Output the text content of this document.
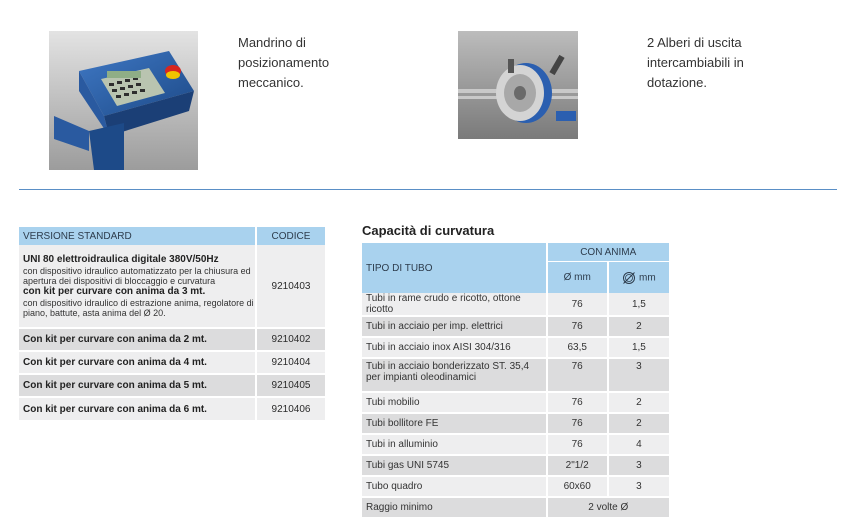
Mandrino di posizionamento meccanico.
2 Alberi di uscita intercambiabili in dotazione.
VERSIONE STANDARD	CODICE

UNI 80 elettroidraulica digitale 380V/50Hz
con dispositivo idraulico automatizzato per la chiusura ed apertura dei dispositivi di bloccaggio e curvatura
con kit per curvare con anima da 3 mt.
con dispositivo idraulico di estrazione anima, regolatore di piano, battute, asta anima del Ø 20.	9210403
Con kit per curvare con anima da 2 mt.	9210402
Con kit per curvare con anima da 4 mt.	9210404
Con kit per curvare con anima da 5 mt.	9210405
Con kit per curvare con anima da 6 mt.	9210406
Capacità di curvatura
TIPO DI TUBO	CON ANIMA	
	Ø mm	mm
Tubi in rame crudo e ricotto, ottone ricotto	76	1,5
Tubi in acciaio per imp. elettrici	76	2
Tubi in acciaio inox AISI 304/316	63,5	1,5

Tubi in acciaio bonderizzato ST. 35,4
per impianti oleodinamici	76	3
Tubi mobilio	76	2
Tubi bollitore FE	76	2
Tubi in alluminio	76	4
Tubi gas UNI 5745	2"1/2	3
Tubo quadro	60x60	3
Raggio minimo	2 volte Ø	
